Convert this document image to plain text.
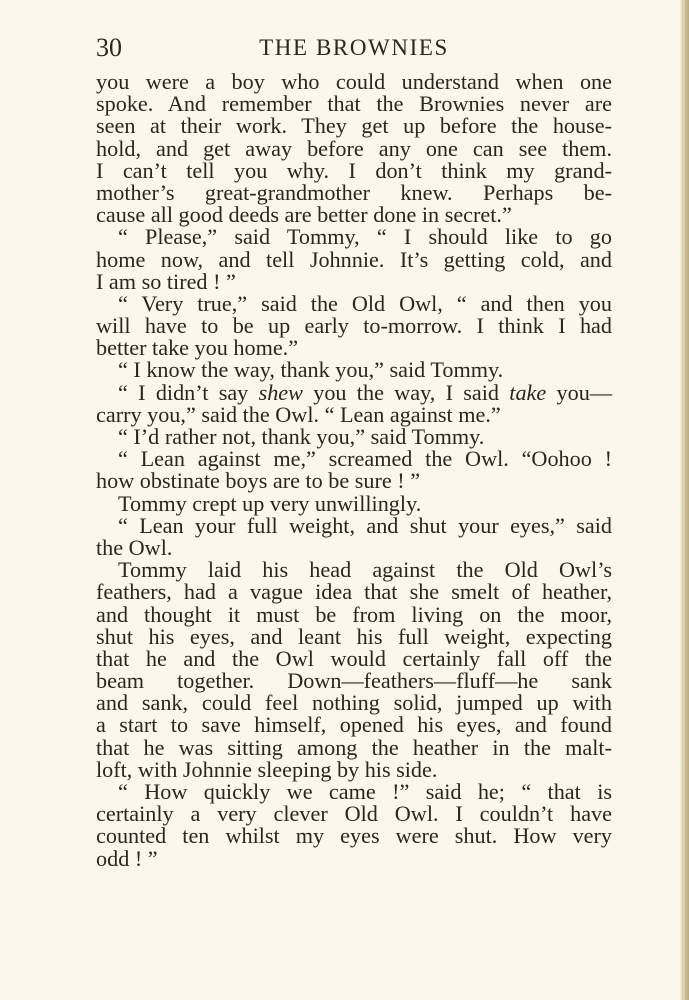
30	THE BROWNIES
you were a boy who could understand when one
spoke. And remember that the Brownies never are
seen at their work. They get up before the house-
hold, and get away before any one can see them.
I can’t tell you why. I don’t think my grand-
mother’s great-grandmother knew. Perhaps be-
cause all good deeds are better done in secret.”
“ Please,” said Tommy, “ I should like to go
home now, and tell Johnnie. It’s getting cold, and
I am so tired ! ”
“ Very true,” said the Old Owl, “ and then you
will have to be up early to-morrow. I think I had
better take you home.”
“ I know the way, thank you,” said Tommy.
“ I didn’t say shew you the way, I said take you—
carry you,” said the Owl. “ Lean against me.”
“ I’d rather not, thank you,” said Tommy.
“ Lean against me,” screamed the Owl. “Oohoo !
how obstinate boys are to be sure ! ”
Tommy crept up very unwillingly.
“ Lean your full weight, and shut your eyes,” said
the Owl.
Tommy laid his head against the Old Owl’s
feathers, had a vague idea that she smelt of heather,
and thought it must be from living on the moor,
shut his eyes, and leant his full weight, expecting
that he and the Owl would certainly fall off the
beam together. Down—feathers—fluff—he sank
and sank, could feel nothing solid, jumped up with
a start to save himself, opened his eyes, and found
that he was sitting among the heather in the malt-
loft, with Johnnie sleeping by his side.
“ How quickly we came !” said he; “ that is
certainly a very clever Old Owl. I couldn’t have
counted ten whilst my eyes were shut. How very
odd ! ”
